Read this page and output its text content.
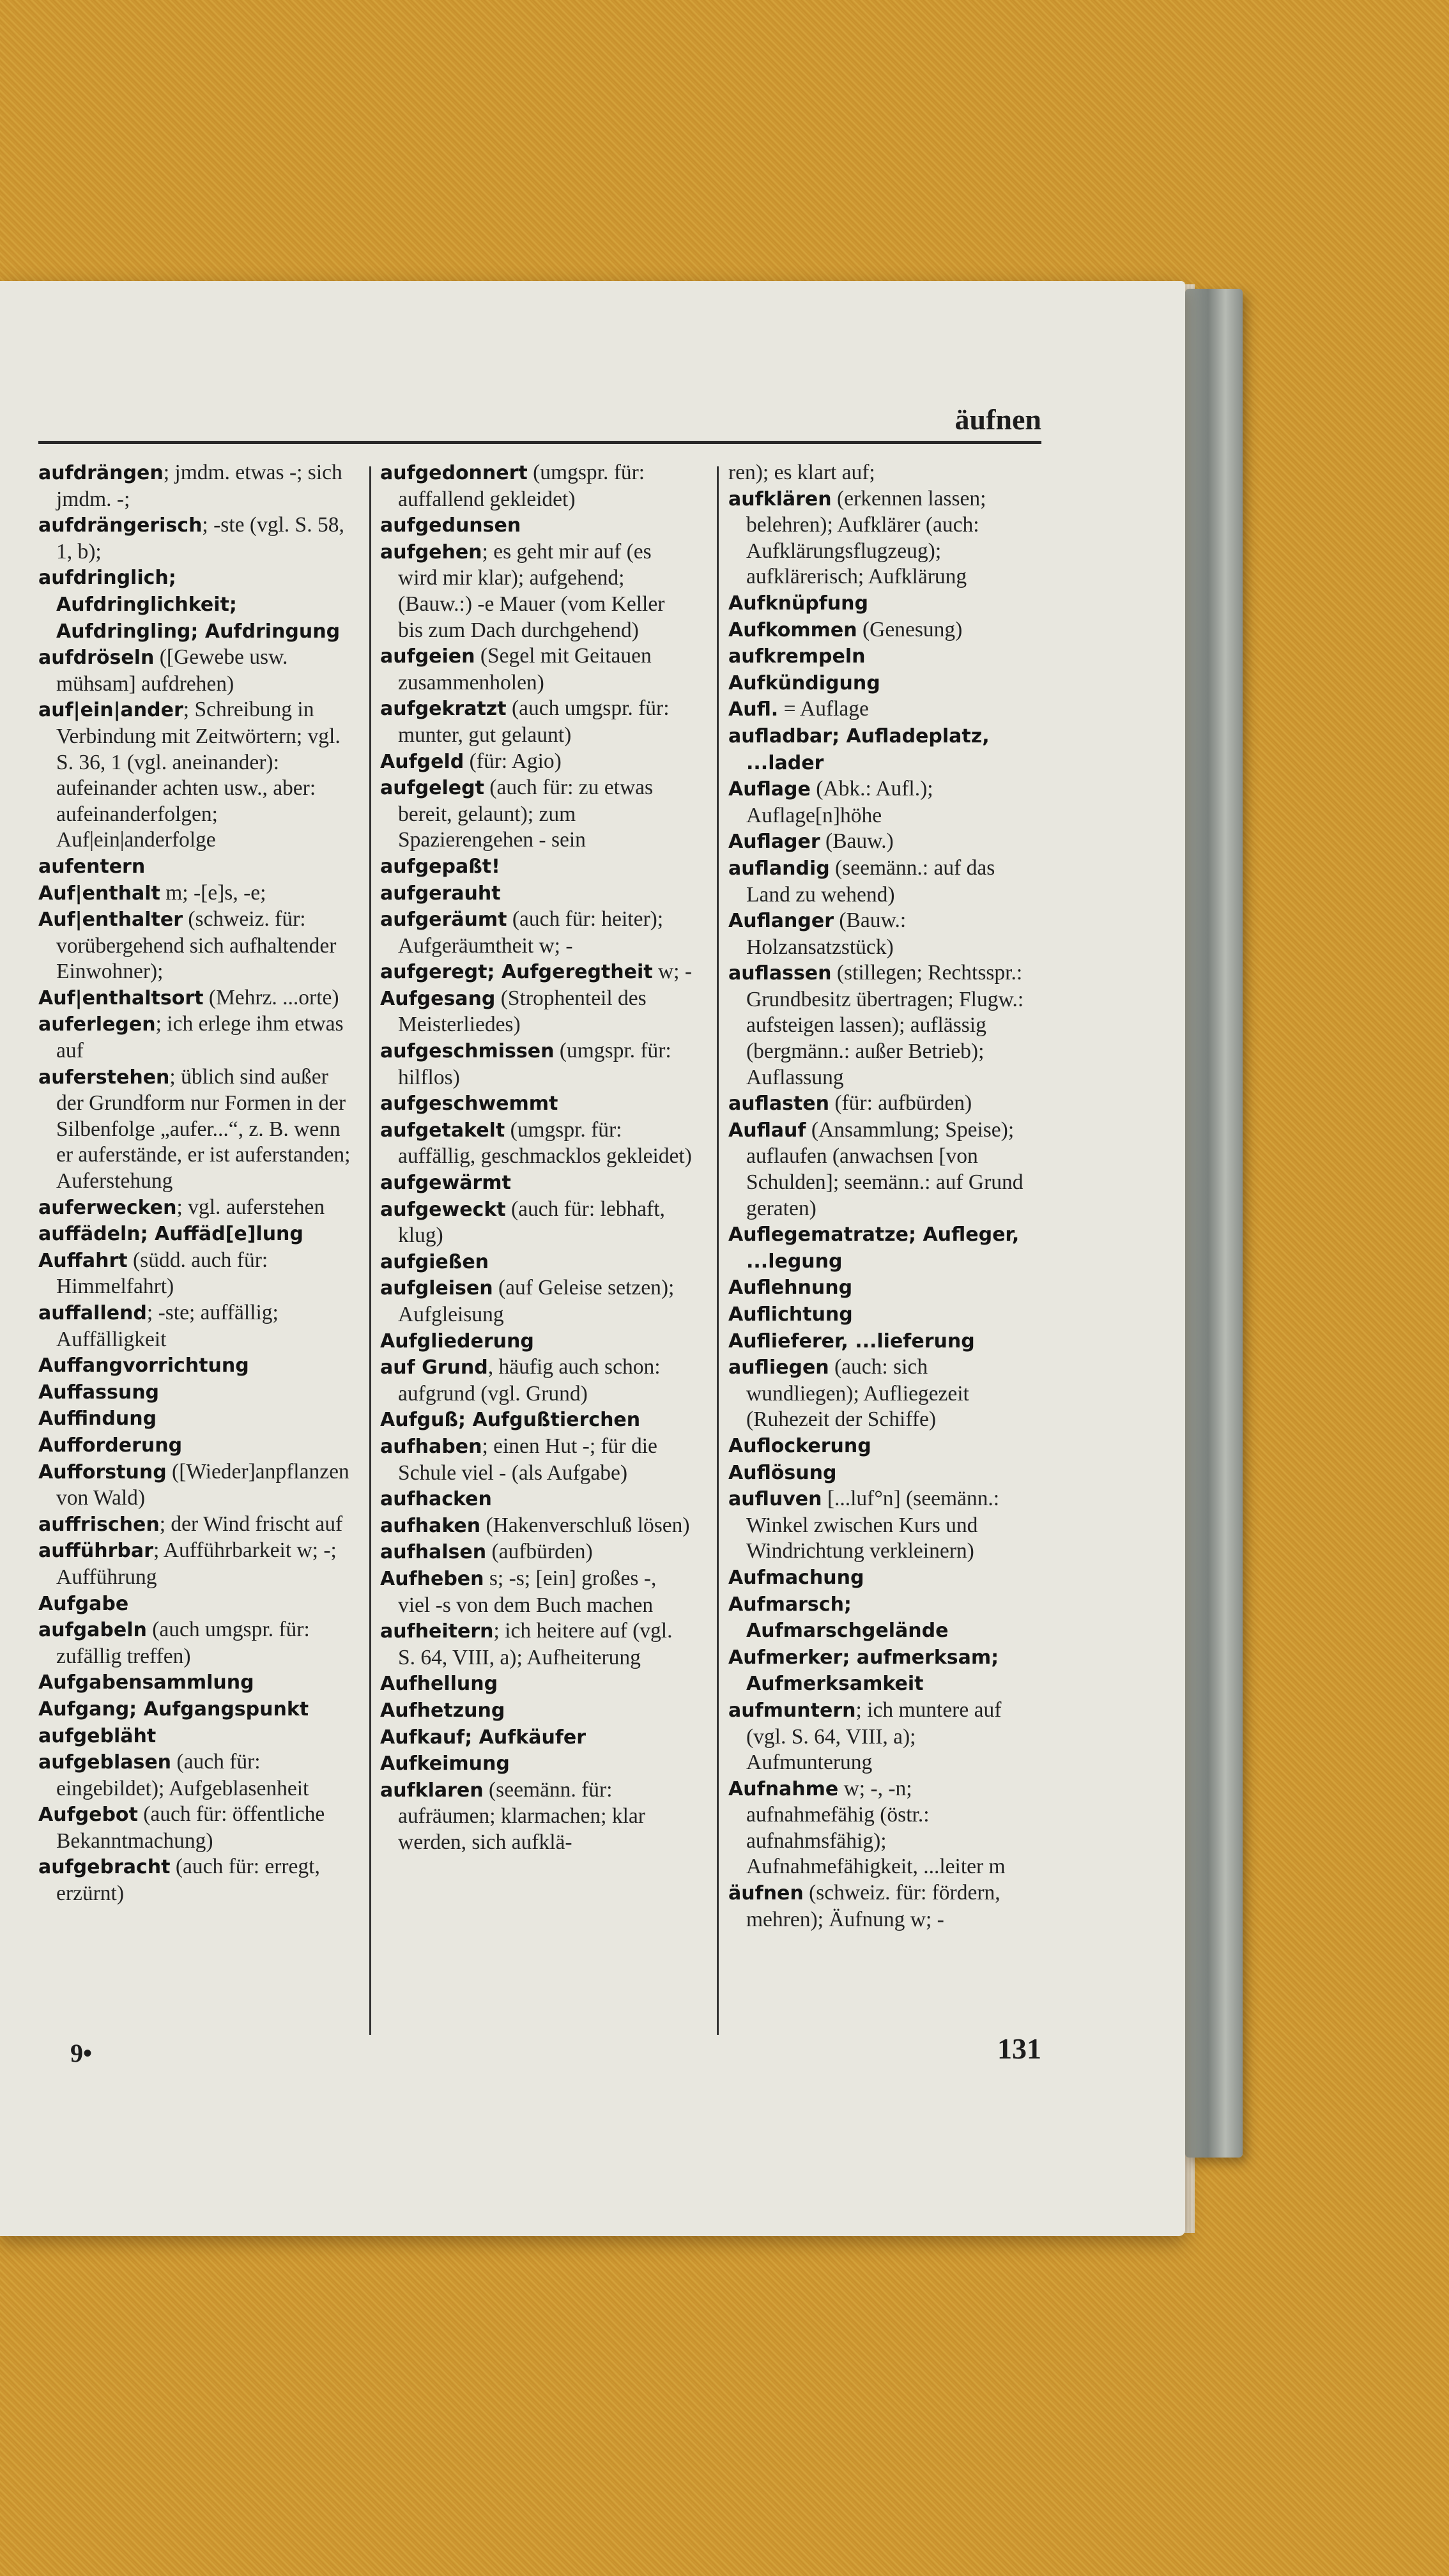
äufnen

aufdrängen; jmdm. etwas -; sich jmdm. -;

aufdrängerisch; -ste (vgl. S. 58, 1, b);

aufdringlich; Aufdringlichkeit; Aufdringling; Aufdringung

aufdröseln ([Gewebe usw. mühsam] aufdrehen)

auf|ein|ander; Schreibung in Verbindung mit Zeitwörtern; vgl. S. 36, 1 (vgl. aneinander): aufeinander achten usw., aber: aufeinanderfolgen; Auf|ein|anderfolge

aufentern

Auf|enthalt m; -[e]s, -e;

Auf|enthalter (schweiz. für: vorübergehend sich aufhaltender Einwohner);

Auf|enthaltsort (Mehrz. ...orte)

auferlegen; ich erlege ihm etwas auf

auferstehen; üblich sind außer der Grundform nur Formen in der Silbenfolge „aufer...“, z. B. wenn er auferstände, er ist auferstanden; Auferstehung

auferwecken; vgl. auferstehen

auffädeln; Auffäd[e]lung

Auffahrt (südd. auch für: Himmelfahrt)

auffallend; -ste; auffällig; Auffälligkeit

Auffangvorrichtung

Auffassung

Auffindung

Aufforderung

Aufforstung ([Wieder]anpflanzen von Wald)

auffrischen; der Wind frischt auf

aufführbar; Aufführbarkeit w; -; Aufführung

Aufgabe

aufgabeln (auch umgspr. für: zufällig treffen)

Aufgabensammlung

Aufgang; Aufgangspunkt

aufgebläht

aufgeblasen (auch für: eingebildet); Aufgeblasenheit

Aufgebot (auch für: öffentliche Bekanntmachung)

aufgebracht (auch für: erregt, erzürnt)

aufgedonnert (umgspr. für: auffallend gekleidet)

aufgedunsen

aufgehen; es geht mir auf (es wird mir klar); aufgehend; (Bauw.:) -e Mauer (vom Keller bis zum Dach durchgehend)

aufgeien (Segel mit Geitauen zusammenholen)

aufgekratzt (auch umgspr. für: munter, gut gelaunt)

Aufgeld (für: Agio)

aufgelegt (auch für: zu etwas bereit, gelaunt); zum Spazierengehen - sein

aufgepaßt!

aufgerauht

aufgeräumt (auch für: heiter); Aufgeräumtheit w; -

aufgeregt; Aufgeregtheit w; -

Aufgesang (Strophenteil des Meisterliedes)

aufgeschmissen (umgspr. für: hilflos)

aufgeschwemmt

aufgetakelt (umgspr. für: auffällig, geschmacklos gekleidet)

aufgewärmt

aufgeweckt (auch für: lebhaft, klug)

aufgießen

aufgleisen (auf Geleise setzen); Aufgleisung

Aufgliederung

auf Grund, häufig auch schon: aufgrund (vgl. Grund)

Aufguß; Aufgußtierchen

aufhaben; einen Hut -; für die Schule viel - (als Aufgabe)

aufhacken

aufhaken (Hakenverschluß lösen)

aufhalsen (aufbürden)

Aufheben s; -s; [ein] großes -, viel -s von dem Buch machen

aufheitern; ich heitere auf (vgl. S. 64, VIII, a); Aufheiterung

Aufhellung

Aufhetzung

Aufkauf; Aufkäufer

Aufkeimung

aufklaren (seemänn. für: aufräumen; klarmachen; klar werden, sich aufklä-

ren); es klart auf;

aufklären (erkennen lassen; belehren); Aufklärer (auch: Aufklärungsflugzeug); aufklärerisch; Aufklärung

Aufknüpfung

Aufkommen (Genesung)

aufkrempeln

Aufkündigung

Aufl. = Auflage

aufladbar; Aufladeplatz, ...lader

Auflage (Abk.: Aufl.); Auflage[n]höhe

Auflager (Bauw.)

auflandig (seemänn.: auf das Land zu wehend)

Auflanger (Bauw.: Holzansatzstück)

auflassen (stillegen; Rechtsspr.: Grundbesitz übertragen; Flugw.: aufsteigen lassen); auflässig (bergmänn.: außer Betrieb); Auflassung

auflasten (für: aufbürden)

Auflauf (Ansammlung; Speise); auflaufen (anwachsen [von Schulden]; seemänn.: auf Grund geraten)

Auflegematratze; Aufleger, ...legung

Auflehnung

Auflichtung

Auflieferer, ...lieferung

aufliegen (auch: sich wundliegen); Aufliegezeit (Ruhezeit der Schiffe)

Auflockerung

Auflösung

aufluven [...luf°n] (seemänn.: Winkel zwischen Kurs und Windrichtung verkleinern)

Aufmachung

Aufmarsch; Aufmarschgelände

Aufmerker; aufmerksam; Aufmerksamkeit

aufmuntern; ich muntere auf (vgl. S. 64, VIII, a); Aufmunterung

Aufnahme w; -, -n; aufnahmefähig (östr.: aufnahmsfähig); Aufnahmefähigkeit, ...leiter m

äufnen (schweiz. für: fördern, mehren); Äufnung w; -

9•	131
